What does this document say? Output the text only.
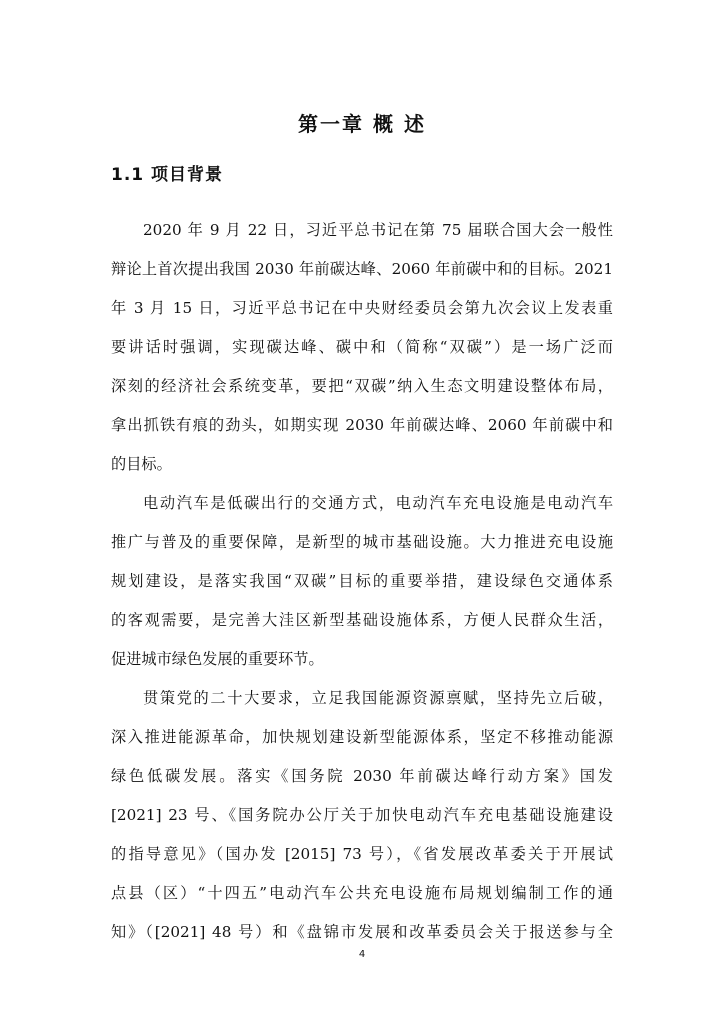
第一章 概 述
1.1 项目背景
2020 年 9 月 22 日，习近平总书记在第 75 届联合国大会一般性
辩论上首次提出我国 2030 年前碳达峰、2060 年前碳中和的目标。2021
年 3 月 15 日，习近平总书记在中央财经委员会第九次会议上发表重
要讲话时强调，实现碳达峰、碳中和（简称“双碳”）是一场广泛而
深刻的经济社会系统变革，要把“双碳”纳入生态文明建设整体布局，
拿出抓铁有痕的劲头，如期实现 2030 年前碳达峰、2060 年前碳中和
的目标。
电动汽车是低碳出行的交通方式，电动汽车充电设施是电动汽车
推广与普及的重要保障，是新型的城市基础设施。大力推进充电设施
规划建设，是落实我国“双碳”目标的重要举措，建设绿色交通体系
的客观需要，是完善大洼区新型基础设施体系，方便人民群众生活，
促进城市绿色发展的重要环节。
贯策党的二十大要求，立足我国能源资源禀赋，坚持先立后破，
深入推进能源革命，加快规划建设新型能源体系，坚定不移推动能源
绿色低碳发展。落实《国务院 2030 年前碳达峰行动方案》国发
[2021] 23 号、《国务院办公厅关于加快电动汽车充电基础设施建设
的指导意见》（国办发 [2015] 73 号），《省发展改革委关于开展试
点县（区）“十四五”电动汽车公共充电设施布局规划编制工作的通
知》（[2021] 48 号）和《盘锦市发展和改革委员会关于报送参与全
4
